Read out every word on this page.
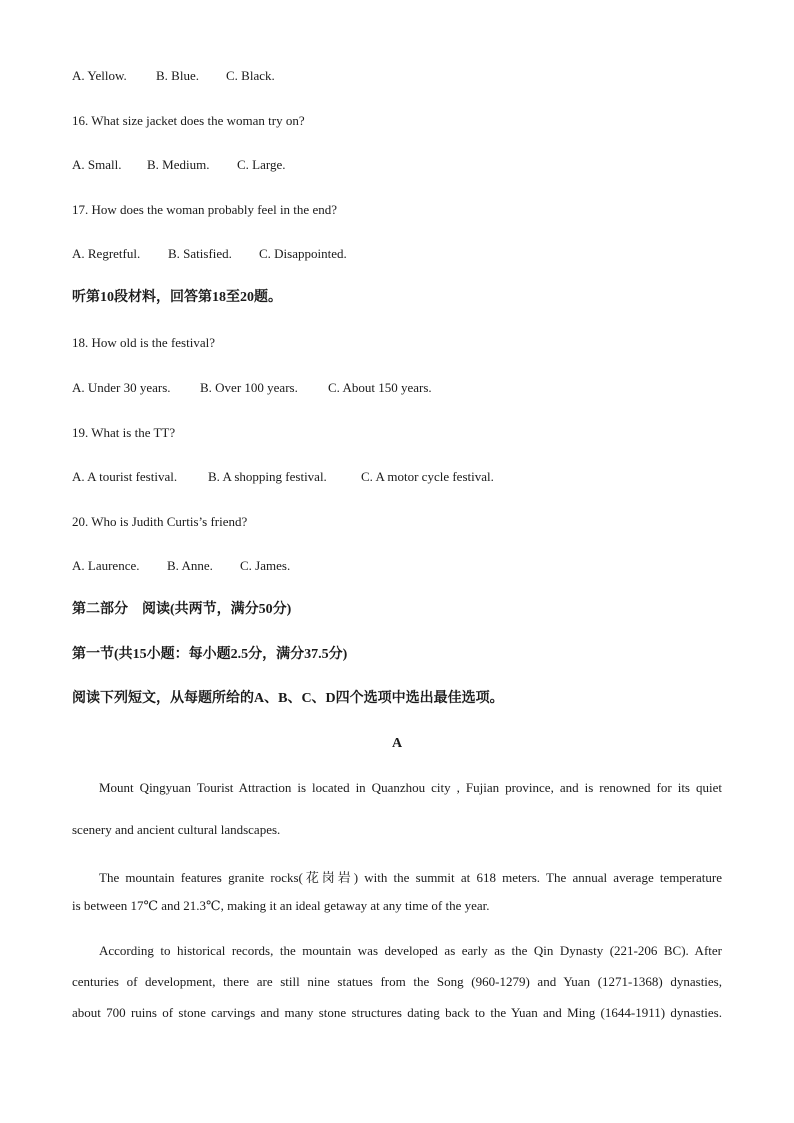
A. Yellow. B. Blue. C. Black.
16. What size jacket does the woman try on?
A. Small. B. Medium. C. Large.
17. How does the woman probably feel in the end?
A. Regretful. B. Satisfied. C. Disappointed.
听第10段材料，回答第18至20题。
18. How old is the festival?
A. Under 30 years. B. Over 100 years. C. About 150 years.
19. What is the TT?
A. A tourist festival. B. A shopping festival.	C. A motor cycle festival.
20. Who is Judith Curtis’s friend?
A. Laurence. B. Anne. C. James.
第二部分　阅读(共两节，满分50分)
第一节(共15小题：每小题2.5分，满分37.5分)
阅读下列短文，从每题所给的A、B、C、D四个选项中选出最佳选项。
A
Mount Qingyuan Tourist Attraction is located in Quanzhou city , Fujian province, and is renowned for its quiet
scenery and ancient cultural landscapes.
The mountain features granite rocks(花岗岩) with the summit at 618 meters. The annual average temperature
is between 17℃ and 21.3℃, making it an ideal getaway at any time of the year.
According to historical records, the mountain was developed as early as the Qin Dynasty (221-206 BC). After
centuries of development, there are still nine statues from the Song (960-1279) and Yuan (1271-1368) dynasties,
about 700 ruins of stone carvings and many stone structures dating back to the Yuan and Ming (1644-1911) dynasties.
